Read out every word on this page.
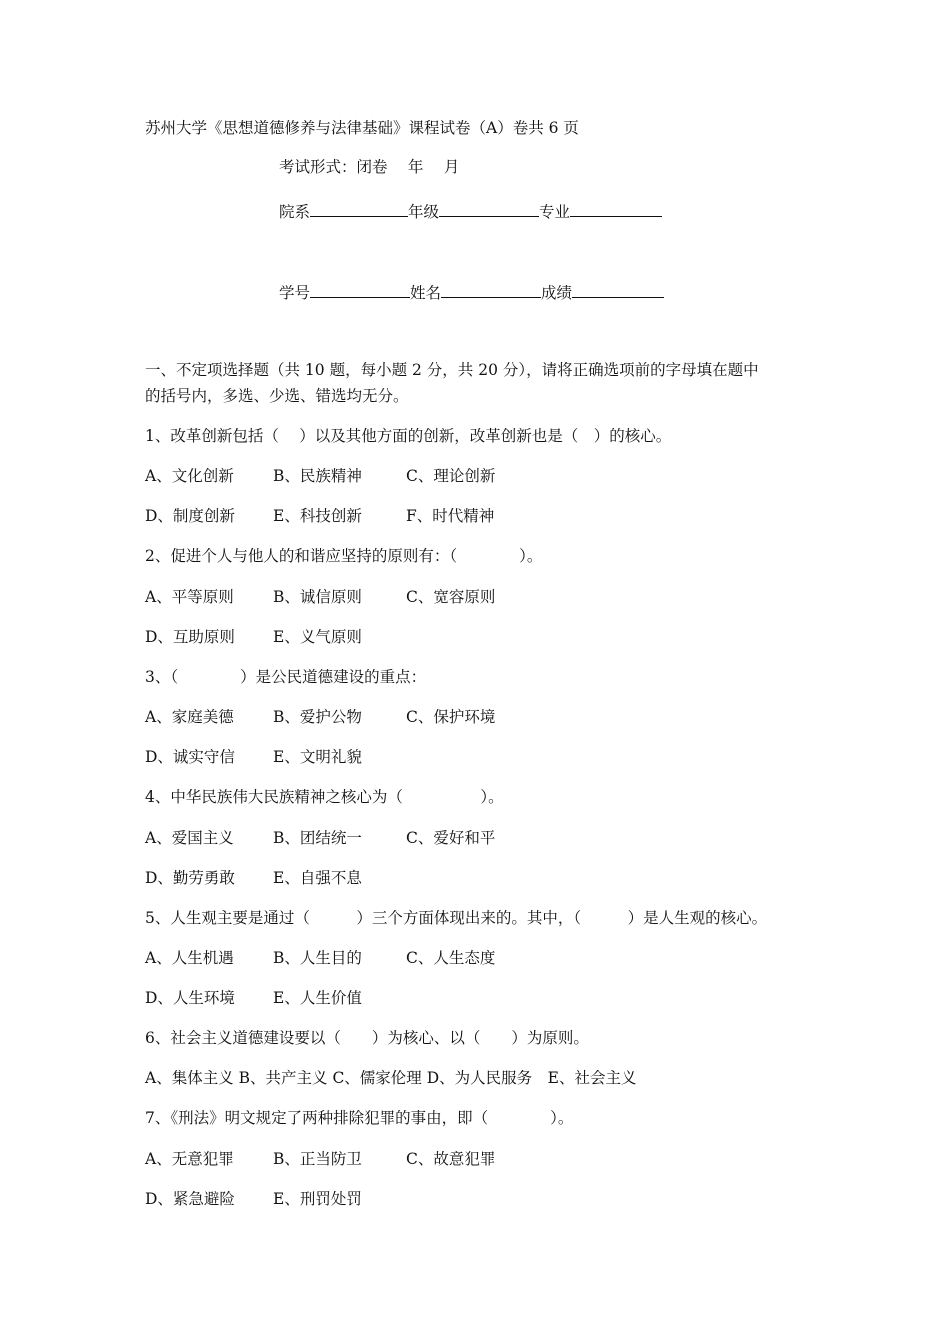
苏州大学《思想道德修养与法律基础》课程试卷（A）卷共 6 页
考试形式：闭卷　 年 　月
院系	年级	专业
学号	姓名	成绩
一、不定项选择题（共 10 题，每小题 2 分，共 20 分），请将正确选项前的字母填在题中
的括号内，多选、少选、错选均无分。
1、改革创新包括（　 ）以及其他方面的创新，改革创新也是（　）的核心。
A、文化创新	B、民族精神	C、理论创新
D、制度创新 E、科技创新	F、时代精神
2、促进个人与他人的和谐应坚持的原则有：（　　　　）。
A、平等原则	B、诚信原则	C、宽容原则
D、互助原则 E、义气原则
3、（　　　　）是公民道德建设的重点：
A、家庭美德	B、爱护公物	C、保护环境
D、诚实守信 E、文明礼貌
4、中华民族伟大民族精神之核心为（　　　　　）。
A、爱国主义	B、团结统一	C、爱好和平
D、勤劳勇敢 E、自强不息
5、人生观主要是通过（　　　）三个方面体现出来的。其中，（　　　）是人生观的核心。
A、人生机遇	B、人生目的	C、人生态度
D、人生环境 E、人生价值
6、社会主义道德建设要以（　　）为核心、以（　　）为原则。
A、集体主义 B、共产主义 C、儒家伦理 D、为人民服务　E、社会主义
7、《刑法》明文规定了两种排除犯罪的事由，即（　　　　）。
A、无意犯罪	B、正当防卫	C、故意犯罪
D、紧急避险 E、刑罚处罚
